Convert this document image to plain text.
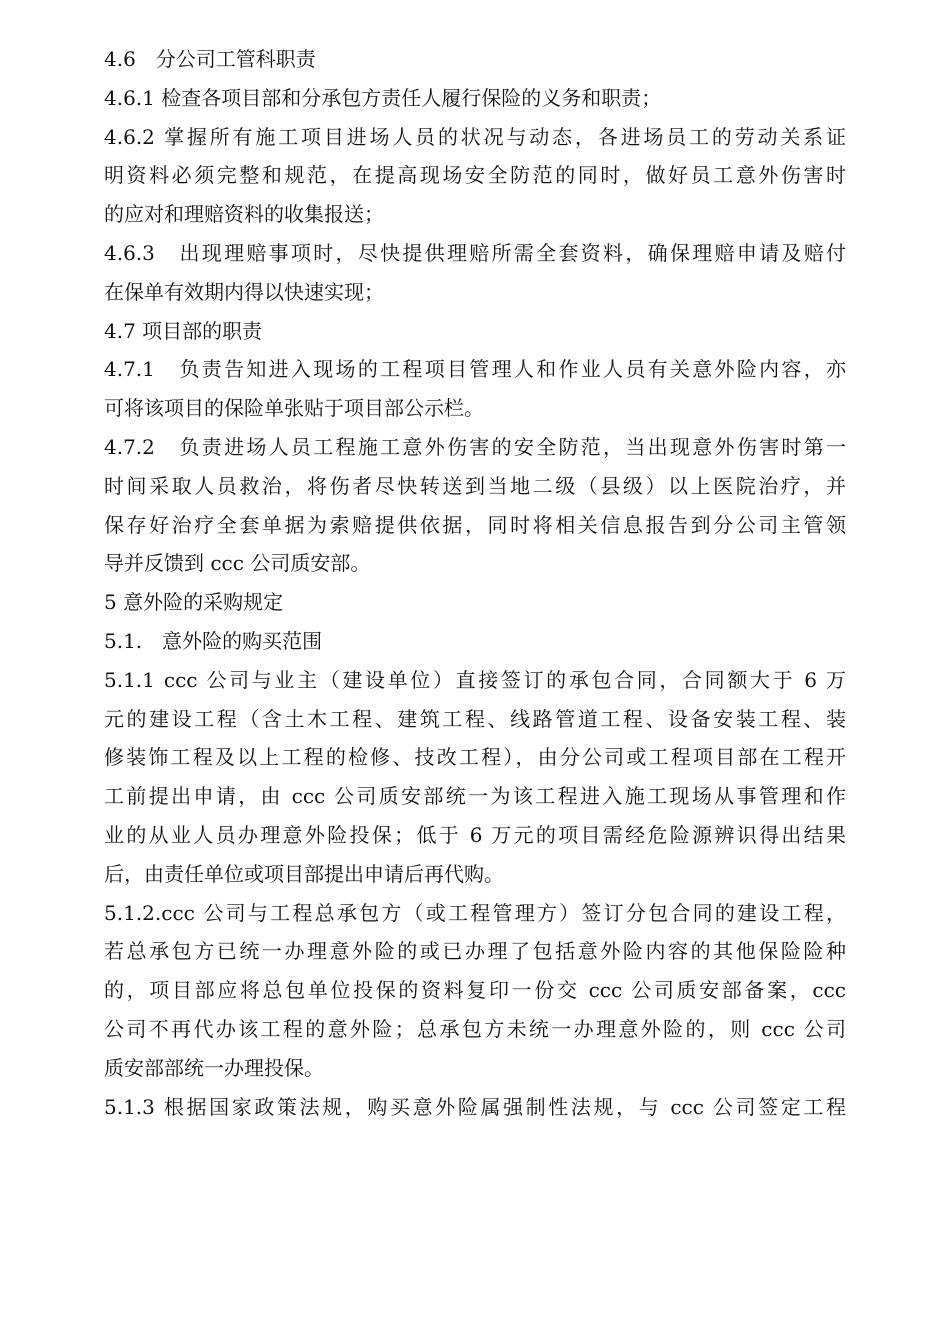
4.6　分公司工管科职责
4.6.1 检查各项目部和分承包方责任人履行保险的义务和职责；
4.6.2 掌握所有施工项目进场人员的状况与动态，各进场员工的劳动关系证
明资料必须完整和规范，在提高现场安全防范的同时，做好员工意外伤害时
的应对和理赔资料的收集报送；
4.6.3　出现理赔事项时，尽快提供理赔所需全套资料，确保理赔申请及赔付
在保单有效期内得以快速实现；
4.7 项目部的职责
4.7.1　负责告知进入现场的工程项目管理人和作业人员有关意外险内容，亦
可将该项目的保险单张贴于项目部公示栏。
4.7.2　负责进场人员工程施工意外伤害的安全防范，当出现意外伤害时第一
时间采取人员救治，将伤者尽快转送到当地二级（县级）以上医院治疗，并
保存好治疗全套单据为索赔提供依据，同时将相关信息报告到分公司主管领
导并反馈到 ccc 公司质安部。
5 意外险的采购规定
5.1.　意外险的购买范围
5.1.1 ccc 公司与业主（建设单位）直接签订的承包合同，合同额大于 6 万
元的建设工程（含土木工程、建筑工程、线路管道工程、设备安装工程、装
修装饰工程及以上工程的检修、技改工程），由分公司或工程项目部在工程开
工前提出申请，由 ccc 公司质安部统一为该工程进入施工现场从事管理和作
业的从业人员办理意外险投保；低于 6 万元的项目需经危险源辨识得出结果
后，由责任单位或项目部提出申请后再代购。
5.1.2.ccc 公司与工程总承包方（或工程管理方）签订分包合同的建设工程，
若总承包方已统一办理意外险的或已办理了包括意外险内容的其他保险险种
的，项目部应将总包单位投保的资料复印一份交 ccc 公司质安部备案，ccc
公司不再代办该工程的意外险；总承包方未统一办理意外险的，则 ccc 公司
质安部部统一办理投保。
5.1.3 根据国家政策法规，购买意外险属强制性法规，与 ccc 公司签定工程
